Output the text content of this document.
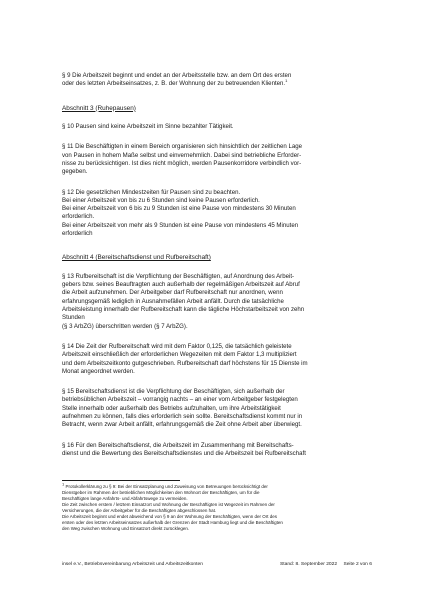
§ 9 Die Arbeitszeit beginnt und endet an der Arbeitsstelle bzw. an dem Ort des ersten
oder des letzten Arbeitseinsatzes, z. B. der Wohnung der zu betreuenden Klienten.$^1$
Abschnitt 3 (Ruhepausen)
§ 10 Pausen sind keine Arbeitszeit im Sinne bezahlter Tätigkeit.
§ 11 Die Beschäftigten in einem Bereich organisieren sich hinsichtlich der zeitlichen Lage
von Pausen in hohem Maße selbst und einvernehmlich. Dabei sind betriebliche Erforder-
nisse zu berücksichtigen. Ist dies nicht möglich, werden Pausenkorridore verbindlich vor-
gegeben.
§ 12 Die gesetzlichen Mindestzeiten für Pausen sind zu beachten.
Bei einer Arbeitszeit von bis zu 6 Stunden sind keine Pausen erforderlich.
Bei einer Arbeitszeit von 6 bis zu 9 Stunden ist eine Pause von mindestens 30 Minuten
erforderlich.
Bei einer Arbeitszeit von mehr als 9 Stunden ist eine Pause von mindestens 45 Minuten
erforderlich
Abschnitt 4 (Bereitschaftsdienst und Rufbereitschaft)
§ 13 Rufbereitschaft ist die Verpflichtung der Beschäftigten, auf Anordnung des Arbeit-
gebers bzw. seines Beauftragten auch außerhalb der regelmäßigen Arbeitszeit auf Abruf
die Arbeit aufzunehmen. Der Arbeitgeber darf Rufbereitschaft nur anordnen, wenn
erfahrungsgemäß lediglich in Ausnahmefällen Arbeit anfällt. Durch die tatsächliche
Arbeitsleistung innerhalb der Rufbereitschaft kann die tägliche Höchstarbeitszeit von zehn
Stunden
(§ 3 ArbZG) überschritten werden (§ 7 ArbZG).
§ 14 Die Zeit der Rufbereitschaft wird mit dem Faktor 0,125, die tatsächlich geleistete
Arbeitszeit einschließlich der erforderlichen Wegezeiten mit dem Faktor 1,3 multipliziert
und dem Arbeitszeitkonto gutgeschrieben. Rufbereitschaft darf höchstens für 15 Dienste im
Monat angeordnet werden.
§ 15 Bereitschaftsdienst ist die Verpflichtung der Beschäftigten, sich außerhalb der
betriebsüblichen Arbeitszeit – vorrangig nachts – an einer vom Arbeitgeber festgelegten
Stelle innerhalb oder außerhalb des Betriebs aufzuhalten, um ihre Arbeitstätigkeit
aufnehmen zu können, falls dies erforderlich sein sollte. Bereitschaftsdienst kommt nur in
Betracht, wenn zwar Arbeit anfällt, erfahrungsgemäß die Zeit ohne Arbeit aber überwiegt.
§ 16 Für den Bereitschaftsdienst, die Arbeitszeit im Zusammenhang mit Bereitschafts-
dienst und die Bewertung des Bereitschaftsdienstes und die Arbeitszeit bei Rufbereitschaft
$^1$ Protokollerklärung zu § 9: Bei der Einsatzplanung und Zuweisung von Betreuungen berücksichtigt der
Dienstgeber im Rahmen der betrieblichen Möglichkeiten den Wohnort der Beschäftigten, um für die
Beschäftigten lange Anfahrts- und Abfahrtswege zu vermeiden.
Die Zeit zwischen erstem / letztem Einsatzort und Wohnung der Beschäftigten ist Wegezeit im Rahmen der
Versicherungen, die der Arbeitgeber für die Beschäftigten abgeschlossen hat.
Die Arbeitszeit beginnt und endet abweichend von § 9 an der Wohnung der Beschäftigten, wenn der Ort des
ersten oder des letzten Arbeitseinsatzes außerhalb der Grenzen der Stadt Hamburg liegt und die Beschäftigten
den Weg zwischen Wohnung und Einsatzort direkt zurücklegen.
insel e.V., Betriebsvereinbarung Arbeitszeit und Arbeitszeitkonten	Stand: 8. September 2022 Seite 2 von 6
